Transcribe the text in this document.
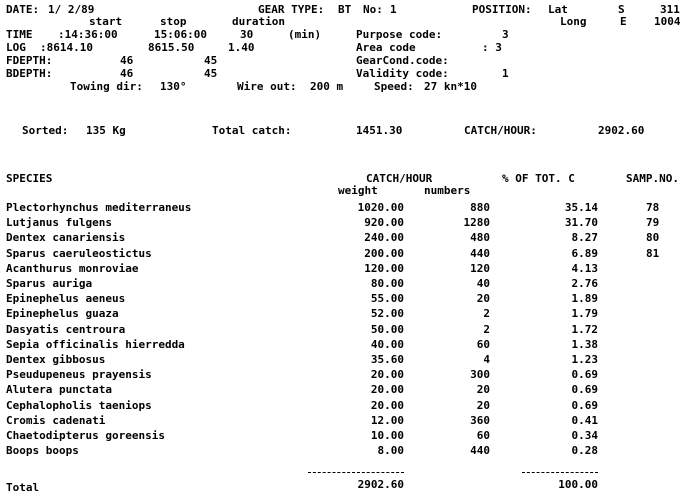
DATE: 1/ 2/89	GEAR TYPE: BT No: 1	POSITION: Lat	S	311
start	stop	duration	Long	E 1004
TIME :14:36:00	15:06:00	30	(min)	Purpose code:	3
LOG :8614.10	8615.50	1.40	Area code	: 3
FDEPTH:	46	45	GearCond.code:
BDEPTH:	46	45	Validity code:	1
Towing dir: 130°	Wire out: 200 m	Speed: 27 kn*10
Sorted: 135 Kg	Total catch:	1451.30	CATCH/HOUR:	2902.60
SPECIES	CATCH/HOUR	% OF TOT. C	SAMP.NO.
weight	numbers
Plectorhynchus mediterraneus	1020.00	880	35.14	78
Lutjanus fulgens	920.00	1280	31.70	79
Dentex canariensis	240.00	480	8.27	80
Sparus caeruleostictus	200.00	440	6.89	81
Acanthurus monroviae	120.00	120	4.13
Sparus auriga	80.00	40	2.76
Epinephelus aeneus	55.00	20	1.89
Epinephelus guaza	52.00	2	1.79
Dasyatis centroura	50.00	2	1.72
Sepia officinalis hierredda	40.00	60	1.38
Dentex gibbosus	35.60	4	1.23
Pseudupeneus prayensis	20.00	300	0.69
Alutera punctata	20.00	20	0.69
Cephalopholis taeniops	20.00	20	0.69
Cromis cadenati	12.00	360	0.41
Chaetodipterus goreensis	10.00	60	0.34
Boops boops	8.00	440	0.28
Total	2902.60	100.00
